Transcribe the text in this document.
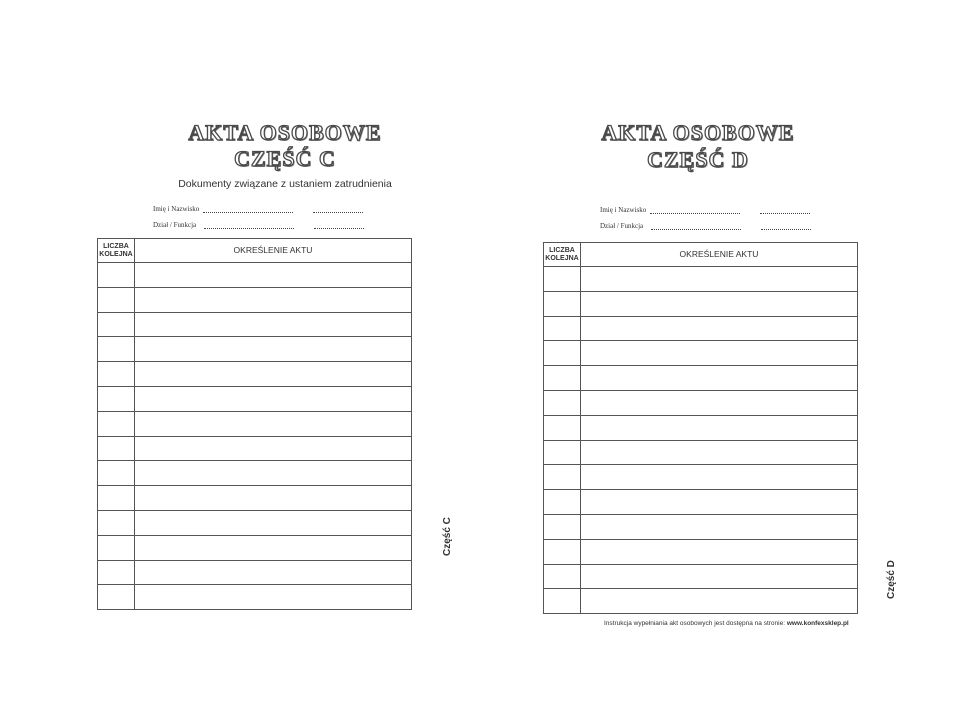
AKTA OSOBOWE
CZĘŚĆ C
Dokumenty związane z ustaniem zatrudnienia
Imię i Nazwisko
Dział / Funkcja
LICZBA
KOLEJNA	OKREŚLENIE AKTU

Część C
AKTA OSOBOWE
CZĘŚĆ D
Imię i Nazwisko
Dział / Funkcja
LICZBA
KOLEJNA	OKREŚLENIE AKTU

Instrukcja wypełniania akt osobowych jest dostępna na stronie: www.konfexsklep.pl
Część D
